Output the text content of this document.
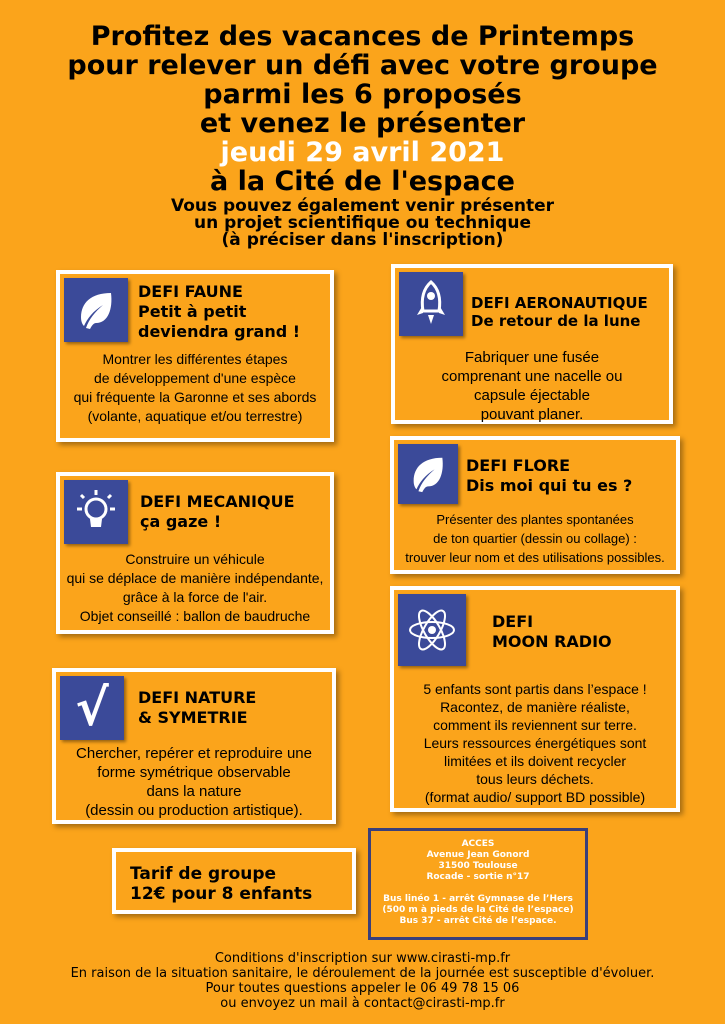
Profitez des vacances de Printemps
pour relever un défi avec votre groupe
parmi les 6 proposés
et venez le présenter
jeudi 29 avril 2021
à la Cité de l'espace
Vous pouvez également venir présenter
un projet scientifique ou technique
(à préciser dans l'inscription)
DEFI FAUNE
Petit à petit
deviendra grand !
Montrer les différentes étapes
de développement d'une espèce
qui fréquente la Garonne et ses abords
(volante, aquatique et/ou terrestre)
DEFI AERONAUTIQUE
De retour de la lune
Fabriquer une fusée
comprenant une nacelle ou
capsule éjectable
pouvant planer.
DEFI FLORE
Dis moi qui tu es ?
Présenter des plantes spontanées
de ton quartier (dessin ou collage) :
trouver leur nom et des utilisations possibles.
DEFI MECANIQUE
ça gaze !
Construire un véhicule
qui se déplace de manière indépendante,
grâce à la force de l'air.
Objet conseillé : ballon de baudruche	DEFI
MOON RADIO
5 enfants sont partis dans l’espace !
Racontez, de manière réaliste,
comment ils reviennent sur terre.
Leurs ressources énergétiques sont
limitées et ils doivent recycler
tous leurs déchets.
(format audio/ support BD possible)
√ DEFI NATURE
& SYMETRIE
Chercher, repérer et reproduire une
forme symétrique observable
dans la nature
(dessin ou production artistique).
Tarif de groupe
12€ pour 8 enfants
ACCES
Avenue Jean Gonord
31500 Toulouse
Rocade - sortie n°17
Bus linéo 1 - arrêt Gymnase de l’Hers
(500 m à pieds de la Cité de l’espace)
Bus 37 - arrêt Cité de l’espace.
Conditions d'inscription sur www.cirasti-mp.fr
En raison de la situation sanitaire, le déroulement de la journée est susceptible d'évoluer.
Pour toutes questions appeler le 06 49 78 15 06
ou envoyez un mail à contact@cirasti-mp.fr
